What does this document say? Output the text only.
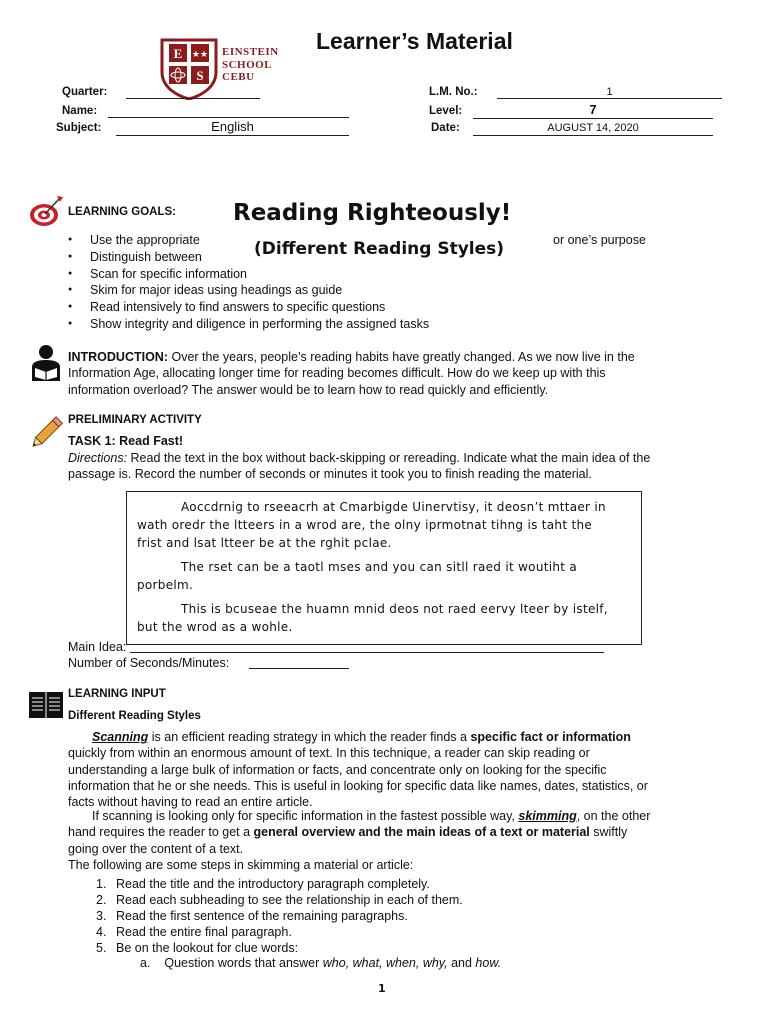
E
S
★★ EINSTEIN
SCHOOL
CEBU
Learner’s Material
Quarter:
Name:
Subject:	English
L.M. No.:	1
Level:	7
Date:	AUGUST 14, 2020
LEARNING GOALS:
● Use the appropriate
● Distinguish between
● Scan for specific information
● Skim for major ideas using headings as guide
● Read intensively to find answers to specific questions
● Show integrity and diligence in performing the assigned tasks
or one’s purpose
Reading Righteously!
(Different Reading Styles)
INTRODUCTION: Over the years, people’s reading habits have greatly changed. As we now live in the
Information Age, allocating longer time for reading becomes difficult. How do we keep up with this
information overload? The answer would be to learn how to read quickly and efficiently.
PRELIMINARY ACTIVITY
TASK 1: Read Fast!
Directions: Read the text in the box without back-skipping or rereading. Indicate what the main idea of the
passage is. Record the number of seconds or minutes it took you to finish reading the material.

Aoccdrnig to rseeacrh at Cmarbigde Uinervtisy, it deosn’t mttaer in
wath oredr the ltteers in a wrod are, the olny iprmotnat tihng is taht the
frist and lsat ltteer be at the rghit pclae.

The rset can be a taotl mses and you can sitll raed it woutiht a
porbelm.

This is bcuseae the huamn mnid deos not raed eervy lteer by istelf,
but the wrod as a wohle.

Main Idea:
Number of Seconds/Minutes:
LEARNING INPUT
Different Reading Styles
Scanning is an efficient reading strategy in which the reader finds a specific fact or information
quickly from within an enormous amount of text. In this technique, a reader can skip reading or
understanding a large bulk of information or facts, and concentrate only on looking for the specific
information that he or she needs. This is useful in looking for specific data like names, dates, statistics, or
facts without having to read an entire article.
If scanning is looking only for specific information in the fastest possible way, skimming, on the other
hand requires the reader to get a general overview and the main ideas of a text or material swiftly
going over the content of a text.
The following are some steps in skimming a material or article:
1. Read the title and the introductory paragraph completely.
2. Read each subheading to see the relationship in each of them.
3. Read the first sentence of the remaining paragraphs.
4. Read the entire final paragraph.
5. Be on the lookout for clue words:
a. Question words that answer who, what, when, why, and how.
1
